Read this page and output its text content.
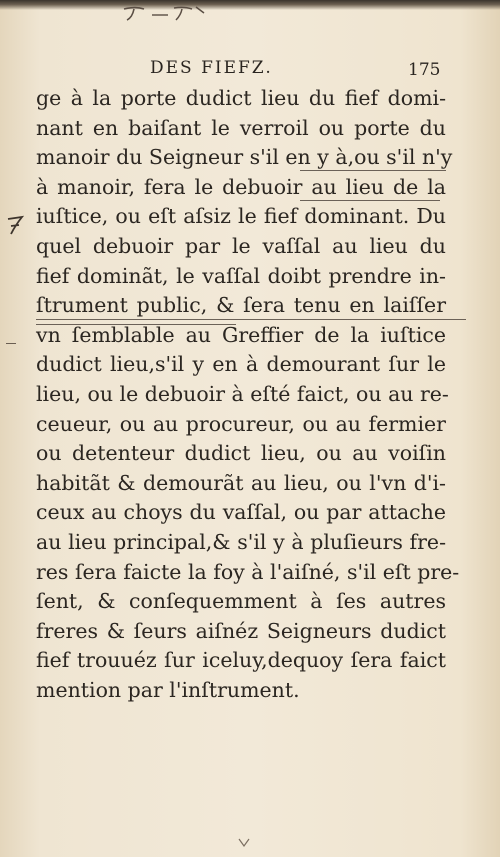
DES FIEFZ.	175
ge à la porte dudict lieu du fief domi-
nant en baiſant le verroil ou porte du
manoir du Seigneur s'il en y à,ou s'il n'y
à manoir, fera le debuoir au lieu de la
iuſtice, ou eſt aſsiz le fief dominant. Du
quel debuoir par le vaſſal au lieu du
fief dominãt, le vaſſal doibt prendre in-
ſtrument public, & ſera tenu en laiſſer
vn ſemblable au Greffier de la iuſtice
dudict lieu,s'il y en à demourant ſur le
lieu, ou le debuoir à eſté faict, ou au re-
ceueur, ou au procureur, ou au fermier
ou detenteur dudict lieu, ou au voiſin
habitãt & demourãt au lieu, ou l'vn d'i-
ceux au choys du vaſſal, ou par attache
au lieu principal,& s'il y à pluſieurs fre-
res ſera faicte la foy à l'aiſné, s'il eſt pre-
ſent, & conſequemment à ſes autres
freres & ſeurs aiſnéz Seigneurs dudict
fief trouuéz ſur iceluy,dequoy ſera faict
mention par l'inſtrument.
